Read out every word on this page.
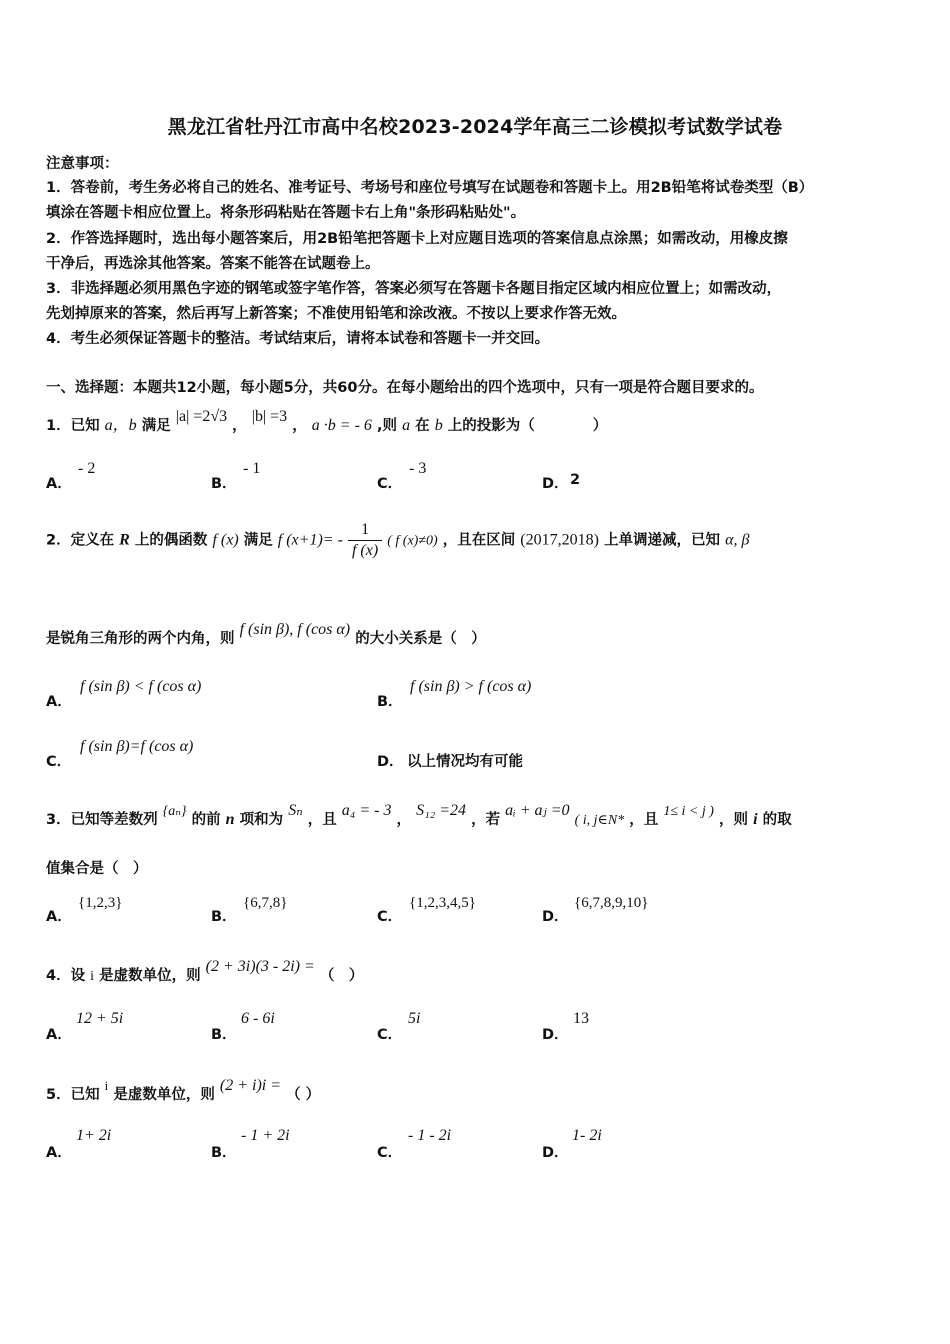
黑龙江省牡丹江市高中名校2023-2024学年高三二诊模拟考试数学试卷
注意事项：
1．答卷前，考生务必将自己的姓名、准考证号、考场号和座位号填写在试题卷和答题卡上。用2B铅笔将试卷类型（B）
填涂在答题卡相应位置上。将条形码粘贴在答题卡右上角"条形码粘贴处"。
2．作答选择题时，选出每小题答案后，用2B铅笔把答题卡上对应题目选项的答案信息点涂黑；如需改动，用橡皮擦
干净后，再选涂其他答案。答案不能答在试题卷上。
3．非选择题必须用黑色字迹的钢笔或签字笔作答，答案必须写在答题卡各题目指定区域内相应位置上；如需改动，
先划掉原来的答案，然后再写上新答案；不准使用铅笔和涂改液。不按以上要求作答无效。
4．考生必须保证答题卡的整洁。考试结束后，请将本试卷和答题卡一并交回。
一、选择题：本题共12小题，每小题5分，共60分。在每小题给出的四个选项中，只有一项是符合题目要求的。
1．已知 a，b 满足 |a| =2√3 ， |b| =3 ， a ·b = - 6 ,则 a 在 b 上的投影为（　　　　）
A．
- 2
B．
- 1
C．
- 3
D． 2
2．定义在 R 上的偶函数 f (x) 满足 f $(x+1)= - \frac{1}{f (x)}$ ( f (x)≠0) ，且在区间 (2017,2018) 上单调递减，已知 α, β
是锐角三角形的两个内角，则 f (sin β), f (cos α) 的大小关系是（　）
A．
f (sin β) < f (cos α)
B．
f (sin β) > f (cos α)
C．
f (sin β)=f (cos α)
D． 以上情况均有可能
3．已知等差数列 {aₙ} 的前 n 项和为 Sₙ ，且 a₄ = - 3 ， S₁₂ =24 ，若 aᵢ + aⱼ =0 ( i, j∈N* ，且 1≤ i < j ) ，则 i 的取
值集合是（　）
A．
{1,2,3}
B．
{6,7,8}
C．
{1,2,3,4,5}
D．
{6,7,8,9,10}
4．设 i 是虚数单位，则 (2 + 3i)(3 - 2i) = （　）
A．
12 + 5i
B．
6 - 6i
C．
5i
D．
13
5．已知 i 是虚数单位，则 (2 + i)i = （ ）
A．
1+ 2i
B．
- 1 + 2i
C．
- 1 - 2i
D．
1- 2i
